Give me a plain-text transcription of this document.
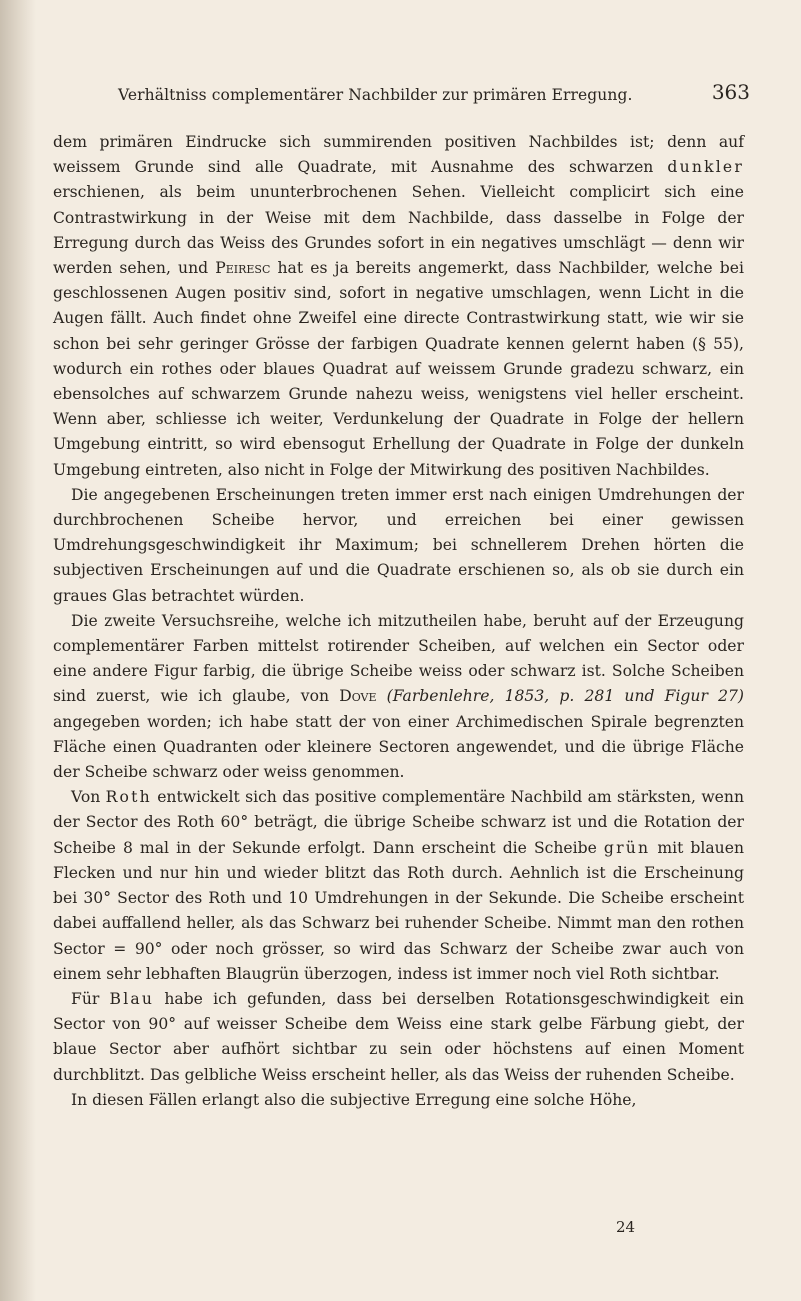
Verhältniss complementärer Nachbilder zur primären Erregung.	363

dem primären Eindrucke sich summirenden positiven Nachbildes ist; denn auf weissem Grunde sind alle Quadrate, mit Ausnahme des schwarzen dunkler erschienen, als beim ununterbrochenen Sehen. Vielleicht complicirt sich eine Contrastwirkung in der Weise mit dem Nachbilde, dass dasselbe in Folge der Erregung durch das Weiss des Grundes sofort in ein negatives umschlägt — denn wir werden sehen, und Peiresc hat es ja bereits angemerkt, dass Nachbilder, welche bei geschlossenen Augen positiv sind, sofort in negative umschlagen, wenn Licht in die Augen fällt. Auch findet ohne Zweifel eine directe Contrastwirkung statt, wie wir sie schon bei sehr geringer Grösse der farbigen Quadrate kennen gelernt haben (§ 55), wodurch ein rothes oder blaues Quadrat auf weissem Grunde gradezu schwarz, ein ebensolches auf schwarzem Grunde nahezu weiss, wenigstens viel heller erscheint. Wenn aber, schliesse ich weiter, Verdunkelung der Quadrate in Folge der hellern Umgebung eintritt, so wird ebensogut Erhellung der Quadrate in Folge der dunkeln Umgebung eintreten, also nicht in Folge der Mitwirkung des positiven Nachbildes.

Die angegebenen Erscheinungen treten immer erst nach einigen Umdrehungen der durchbrochenen Scheibe hervor, und erreichen bei einer gewissen Umdrehungsgeschwindigkeit ihr Maximum; bei schnellerem Drehen hörten die subjectiven Erscheinungen auf und die Quadrate erschienen so, als ob sie durch ein graues Glas betrachtet würden.

Die zweite Versuchsreihe, welche ich mitzutheilen habe, beruht auf der Erzeugung complementärer Farben mittelst rotirender Scheiben, auf welchen ein Sector oder eine andere Figur farbig, die übrige Scheibe weiss oder schwarz ist. Solche Scheiben sind zuerst, wie ich glaube, von Dove (Farbenlehre, 1853, p. 281 und Figur 27) angegeben worden; ich habe statt der von einer Archimedischen Spirale begrenzten Fläche einen Quadranten oder kleinere Sectoren angewendet, und die übrige Fläche der Scheibe schwarz oder weiss genommen.

Von Roth entwickelt sich das positive complementäre Nachbild am stärksten, wenn der Sector des Roth 60° beträgt, die übrige Scheibe schwarz ist und die Rotation der Scheibe 8 mal in der Sekunde erfolgt. Dann erscheint die Scheibe grün mit blauen Flecken und nur hin und wieder blitzt das Roth durch. Aehnlich ist die Erscheinung bei 30° Sector des Roth und 10 Umdrehungen in der Sekunde. Die Scheibe erscheint dabei auffallend heller, als das Schwarz bei ruhender Scheibe. Nimmt man den rothen Sector = 90° oder noch grösser, so wird das Schwarz der Scheibe zwar auch von einem sehr lebhaften Blaugrün überzogen, indess ist immer noch viel Roth sichtbar.

Für Blau habe ich gefunden, dass bei derselben Rotationsgeschwindigkeit ein Sector von 90° auf weisser Scheibe dem Weiss eine stark gelbe Färbung giebt, der blaue Sector aber aufhört sichtbar zu sein oder höchstens auf einen Moment durchblitzt. Das gelbliche Weiss erscheint heller, als das Weiss der ruhenden Scheibe.

In diesen Fällen erlangt also die subjective Erregung eine solche Höhe,

24
